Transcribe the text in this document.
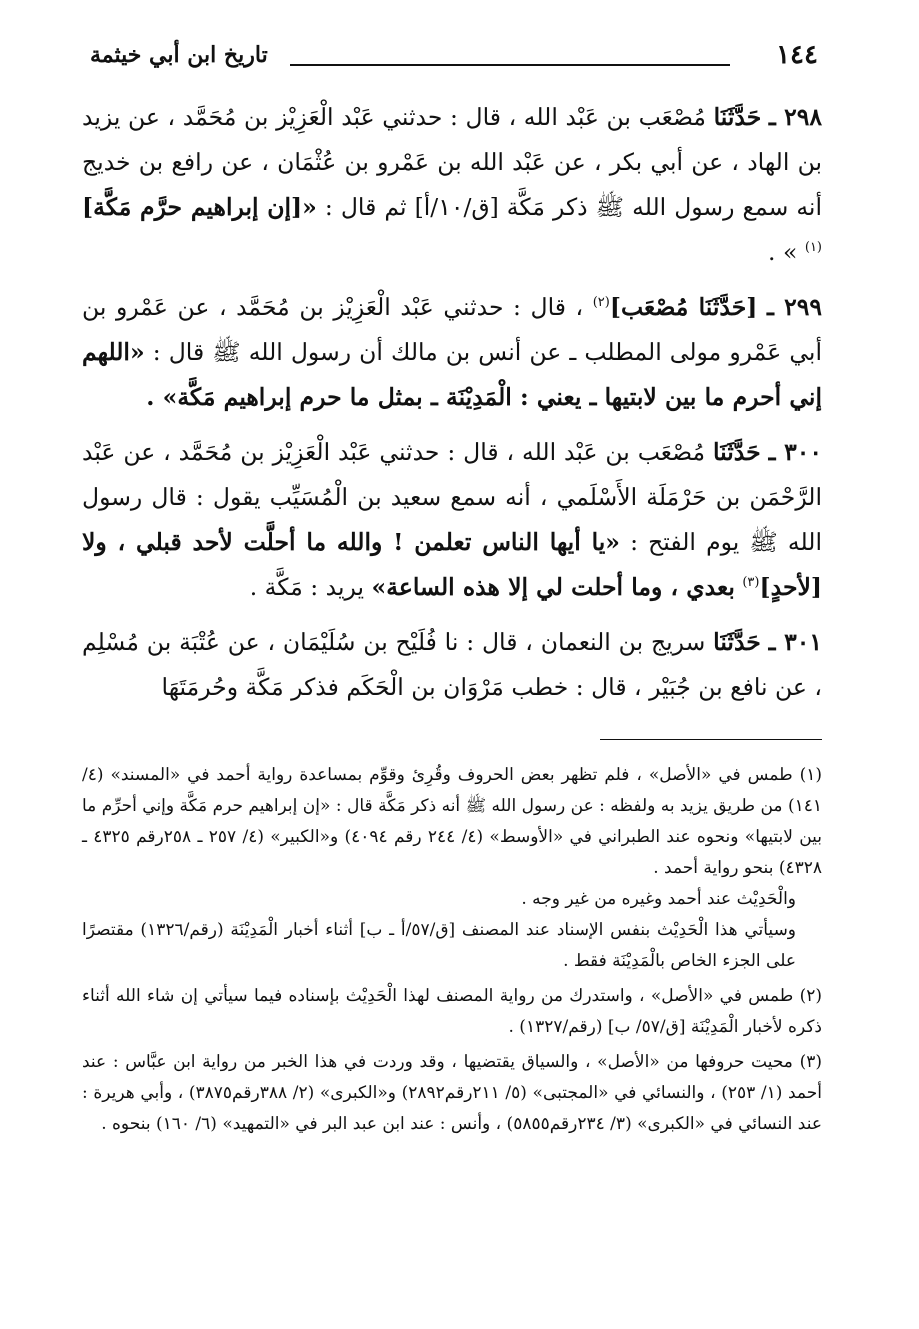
١٤٤
تاريخ ابن أبي خيثمة

٢٩٨ ـ حَدَّثَنَا مُصْعَب بن عَبْد الله ، قال : حدثني عَبْد الْعَزِيْز بن مُحَمَّد ، عن يزيد بن الهاد ، عن أبي بكر ، عن عَبْد الله بن عَمْرو بن عُثْمَان ، عن رافع بن خديج أنه سمع رسول الله ﷺ ذكر مَكَّة [ق/١٠/أ] ثم قال : «[إن إبراهيم حرَّم مَكَّة]$^{(١)}$ » .

٢٩٩ ـ [حَدَّثَنَا مُصْعَب]$^{(٢)}$ ، قال : حدثني عَبْد الْعَزِيْز بن مُحَمَّد ، عن عَمْرو بن أبي عَمْرو مولى المطلب ـ عن أنس بن مالك أن رسول الله ﷺ قال : «اللهم إني أحرم ما بين لابتيها ـ يعني : الْمَدِيْنَة ـ بمثل ما حرم إبراهيم مَكَّة» .

٣٠٠ ـ حَدَّثَنَا مُصْعَب بن عَبْد الله ، قال : حدثني عَبْد الْعَزِيْز بن مُحَمَّد ، عن عَبْد الرَّحْمَن بن حَرْمَلَة الأَسْلَمي ، أنه سمع سعيد بن الْمُسَيِّب يقول : قال رسول الله ﷺ يوم الفتح : «يا أيها الناس تعلمن ! والله ما أحلَّت لأحد قبلي ، ولا [لأحدٍ]$^{(٣)}$ بعدي ، وما أحلت لي إلا هذه الساعة» يريد : مَكَّة .

٣٠١ ـ حَدَّثَنَا سريج بن النعمان ، قال : نا فُلَيْح بن سُلَيْمَان ، عن عُتْبَة بن مُسْلِم ، عن نافع بن جُبَيْر ، قال : خطب مَرْوَان بن الْحَكَم فذكر مَكَّة وحُرمَتَهَا

(١) طمس في «الأصل» ، فلم تظهر بعض الحروف وقُرِئ وقوِّم بمساعدة رواية أحمد في «المسند» (٤/ ١٤١) من طريق يزيد به ولفظه : عن رسول الله ﷺ أنه ذكر مَكَّة قال : «إن إبراهيم حرم مَكَّة وإني أحرِّم ما بين لابتيها» ونحوه عند الطبراني في «الأوسط» (٤/ ٢٤٤ رقم ٤٠٩٤) و«الكبير» (٤/ ٢٥٧ ـ ٢٥٨رقم ٤٣٢٥ ـ ٤٣٢٨) بنحو رواية أحمد .
والْحَدِيْث عند أحمد وغيره من غير وجه .
وسيأتي هذا الْحَدِيْث بنفس الإسناد عند المصنف [ق/٥٧/أ ـ ب] أثناء أخبار الْمَدِيْنَة (رقم/١٣٢٦) مقتصرًا على الجزء الخاص بالْمَدِيْنَة فقط .
(٢) طمس في «الأصل» ، واستدرك من رواية المصنف لهذا الْحَدِيْث بإسناده فيما سيأتي إن شاء الله أثناء ذكره لأخبار الْمَدِيْنَة [ق/٥٧/ ب] (رقم/١٣٢٧) .
(٣) محيت حروفها من «الأصل» ، والسياق يقتضيها ، وقد وردت في هذا الخبر من رواية ابن عبَّاس : عند أحمد (١/ ٢٥٣) ، والنسائي في «المجتبى» (٥/ ٢١١رقم٢٨٩٢) و«الكبرى» (٢/ ٣٨٨رقم٣٨٧٥) ، وأبي هريرة : عند النسائي في «الكبرى» (٣/ ٢٣٤رقم٥٨٥٥) ، وأنس : عند ابن عبد البر في «التمهيد» (٦/ ١٦٠) بنحوه .
